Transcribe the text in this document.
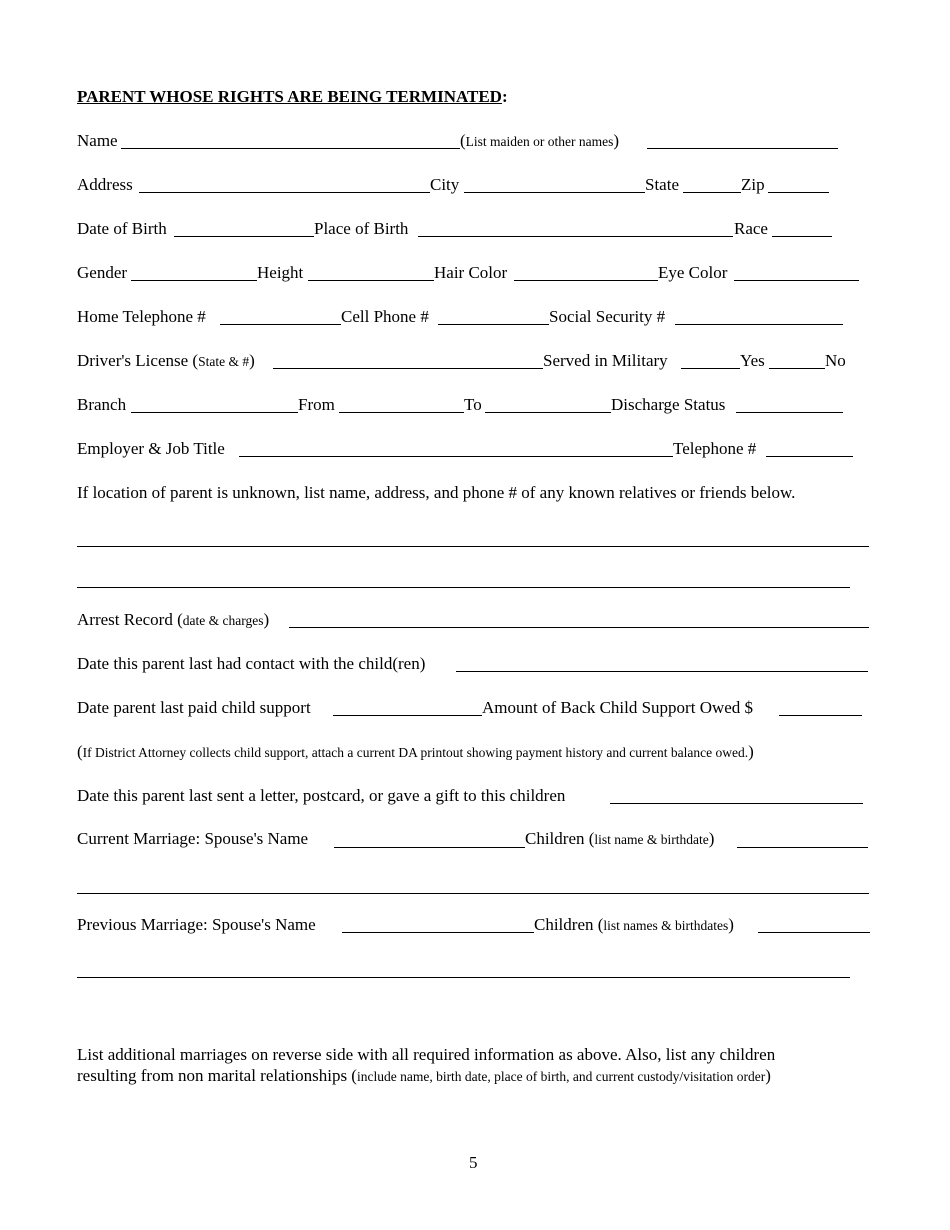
PARENT WHOSE RIGHTS ARE BEING TERMINATED:
Name	(List maiden or other names)
Address	City	State	Zip
Date of Birth	Place of Birth	Race
Gender	Height	Hair Color	Eye Color
Home Telephone #	Cell Phone #	Social Security #
Driver's License (State & #)	Served in Military	Yes	No
Branch	From	To	Discharge Status
Employer & Job Title	Telephone #
If location of parent is unknown, list name, address, and phone # of any known relatives or friends below.
Arrest Record (date & charges)
Date this parent last had contact with the child(ren)
Date parent last paid child support	Amount of Back Child Support Owed $
(If District Attorney collects child support, attach a current DA printout showing payment history and current balance owed.)
Date this parent last sent a letter, postcard, or gave a gift to this children
Current Marriage: Spouse's Name	Children (list name & birthdate)
Previous Marriage: Spouse's Name	Children (list names & birthdates)
List additional marriages on reverse side with all required information as above. Also, list any children
resulting from non marital relationships (include name, birth date, place of birth, and current custody/visitation order)
5
